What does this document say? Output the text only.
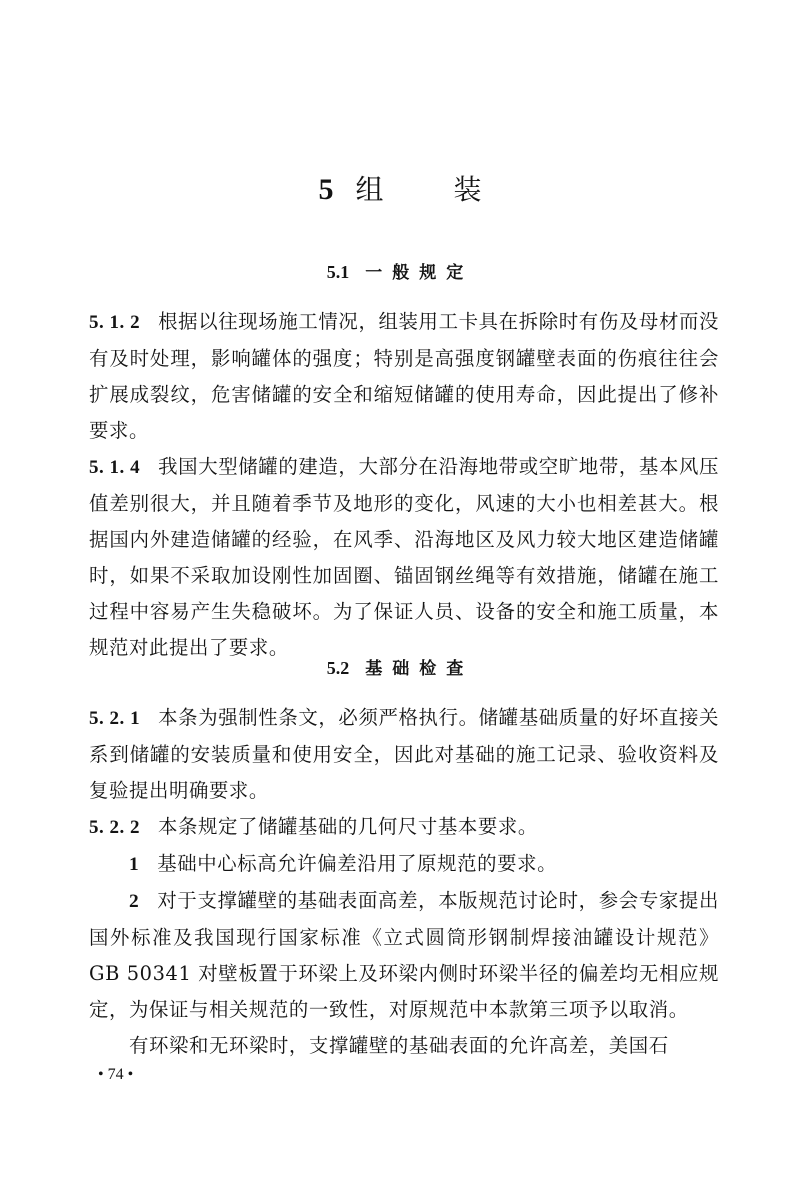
5 组	装
5.1 一般规定

5. 1. 2 根据以往现场施工情况，组装用工卡具在拆除时有伤及母材而没有及时处理，影响罐体的强度；特别是高强度钢罐壁表面的伤痕往往会扩展成裂纹，危害储罐的安全和缩短储罐的使用寿命，因此提出了修补要求。

5. 1. 4 我国大型储罐的建造，大部分在沿海地带或空旷地带，基本风压值差别很大，并且随着季节及地形的变化，风速的大小也相差甚大。根据国内外建造储罐的经验，在风季、沿海地区及风力较大地区建造储罐时，如果不采取加设刚性加固圈、锚固钢丝绳等有效措施，储罐在施工过程中容易产生失稳破坏。为了保证人员、设备的安全和施工质量，本规范对此提出了要求。

5.2 基础检查

5. 2. 1 本条为强制性条文，必须严格执行。储罐基础质量的好坏直接关系到储罐的安装质量和使用安全，因此对基础的施工记录、验收资料及复验提出明确要求。

5. 2. 2 本条规定了储罐基础的几何尺寸基本要求。

1 基础中心标高允许偏差沿用了原规范的要求。

2 对于支撑罐壁的基础表面高差，本版规范讨论时，参会专家提出国外标准及我国现行国家标准《立式圆筒形钢制焊接油罐设计规范》GB 50341 对壁板置于环梁上及环梁内侧时环梁半径的偏差均无相应规定，为保证与相关规范的一致性，对原规范中本款第三项予以取消。

有环梁和无环梁时，支撑罐壁的基础表面的允许高差，美国石

• 74 •
